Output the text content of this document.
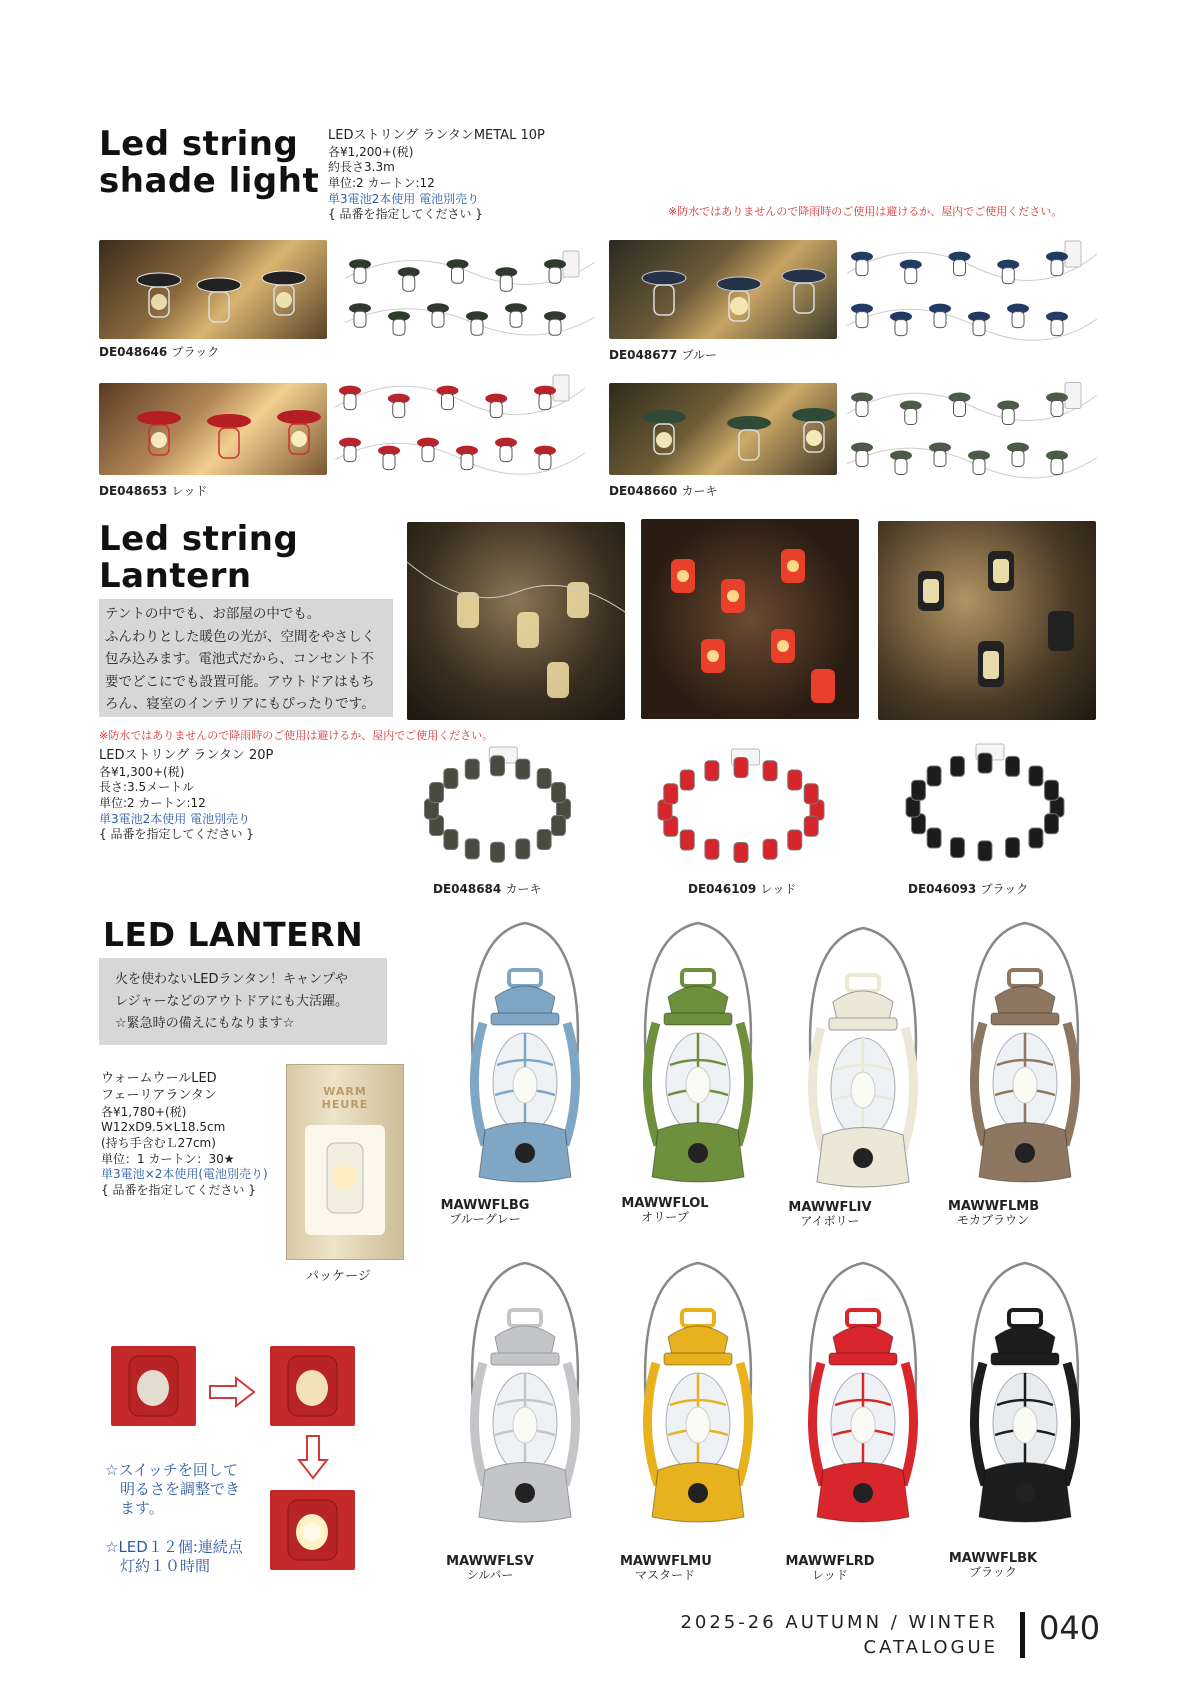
Led string
shade light
LEDストリング ランタンMETAL 10P
各¥1,200+(税)
約長さ3.3m
単位:2 カートン:12
単3電池2本使用 電池別売り
{ 品番を指定してください }	※防水ではありませんので降雨時のご使用は避けるか、屋内でご使用ください。
DE048646 ブラック	DE048677 ブルー
DE048653 レッド	DE048660 カーキ
Led string
Lantern
テントの中でも、お部屋の中でも。
ふんわりとした暖色の光が、空間をやさしく
包み込みます。電池式だから、コンセント不
要でどこにでも設置可能。アウトドアはもち
ろん、寝室のインテリアにもぴったりです。
※防水ではありませんので降雨時のご使用は避けるか、屋内でご使用ください。
LEDストリング ランタン 20P
各¥1,300+(税)
長さ:3.5メートル
単位:2 カートン:12
単3電池2本使用 電池別売り
{ 品番を指定してください }
DE048684 カーキ	DE046109 レッド	DE046093 ブラック
LED LANTERN
火を使わないLEDランタン！キャンプや
レジャーなどのアウトドアにも大活躍。
☆緊急時の備えにもなります☆
ウォームウールLED
フェーリアランタン
各¥1,780+(税)
W12xD9.5×L18.5cm
(持ち手含むＬ27cm)
単位：1 カートン：30★
単3電池×2本使用(電池別売り)
{ 品番を指定してください }
WARM
HEURE
パッケージ
☆スイッチを回して
明るさを調整でき
ます。
☆LED１２個:連続点
灯約１０時間
MAWWFLBG
ブルーグレー
MAWWFLOL
オリーブ
MAWWFLIV
アイボリー
MAWWFLMB
モカブラウン
MAWWFLSV
シルバー
MAWWFLMU
マスタード
MAWWFLRD
レッド
MAWWFLBK
ブラック
2025-26 AUTUMN / WINTER
CATALOGUE
040
